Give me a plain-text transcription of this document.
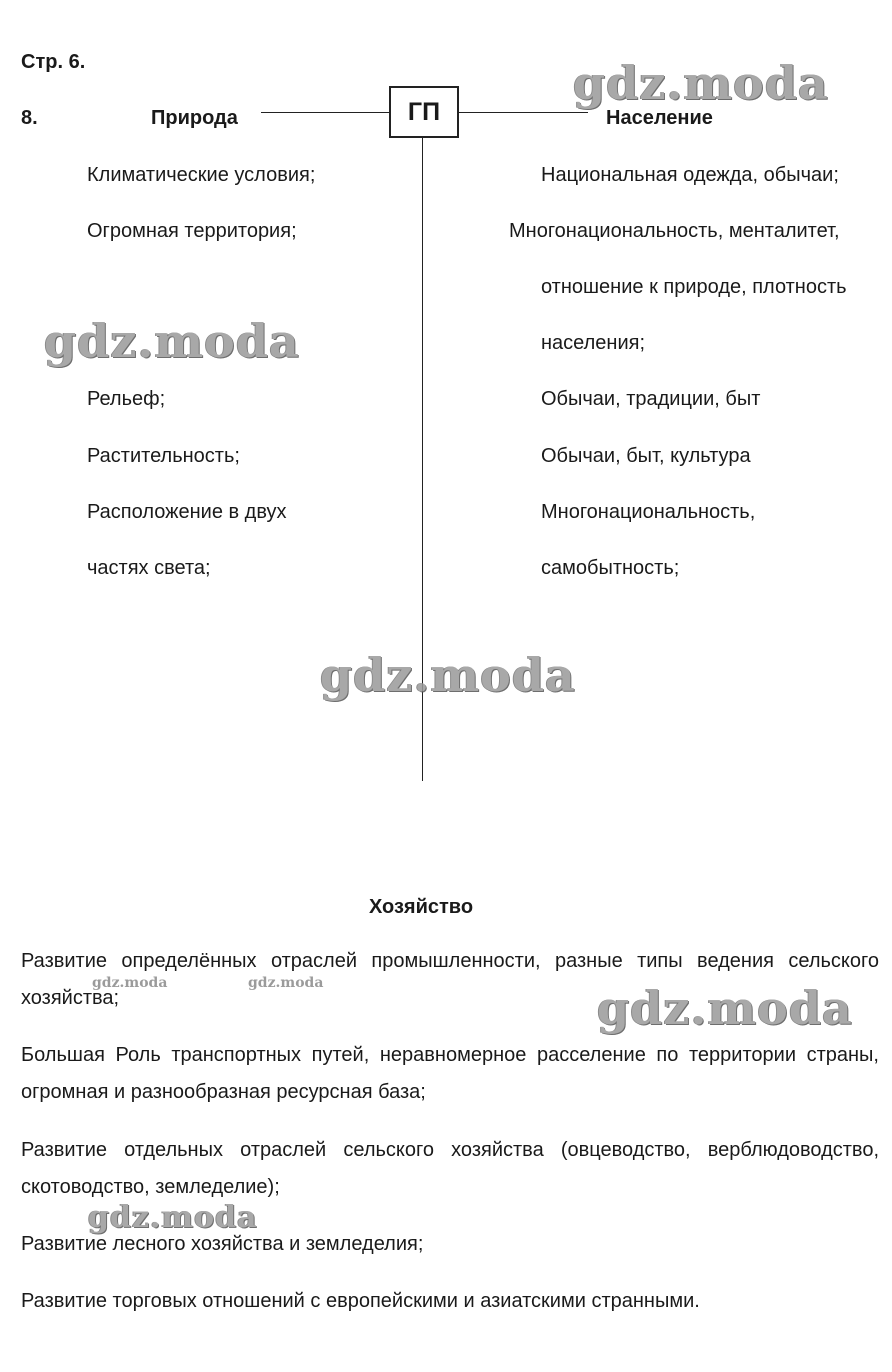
Стр. 6.
8.	Природа	Население
ГП
Климатические условия;
Огромная территория;
Рельеф;
Растительность;
Расположение в двух
частях света;
Национальная одежда, обычаи;
Многонациональность, менталитет,
отношение к природе, плотность
населения;
Обычаи, традиции, быт
Обычаи, быт, культура
Многонациональность,
самобытность;
Хозяйство
Развитие определённых отраслей промышленности, разные типы ведения сельского хозяйства;
Большая Роль транспортных путей, неравномерное расселение по территории страны, огромная и разнообразная ресурсная база;
Развитие отдельных отраслей сельского хозяйства (овцеводство, верблюдоводство, скотоводство, земледелие);
Развитие лесного хозяйства и земледелия;
Развитие торговых отношений с европейскими и азиатскими странными.
gdz.moda
gdz.moda
gdz.moda
gdz.moda
gdz.moda
gdz.moda	gdz.moda
